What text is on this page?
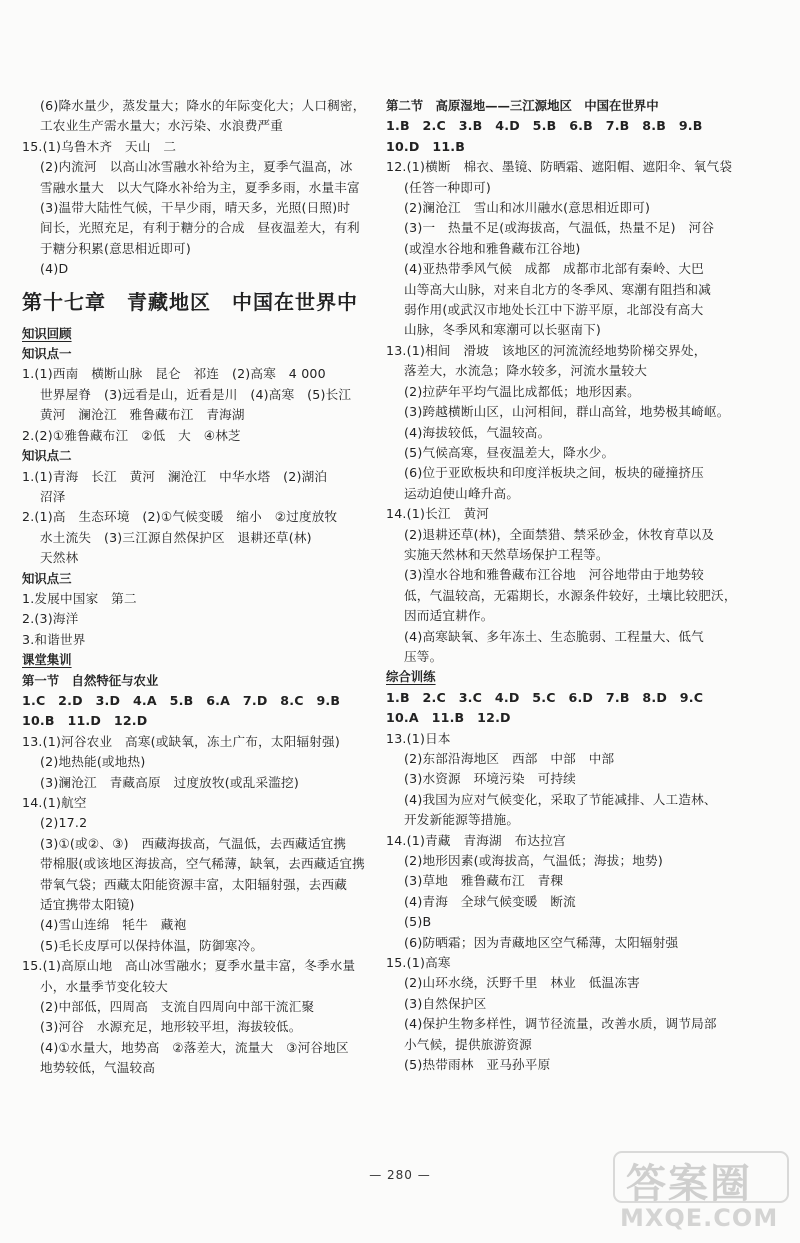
(6)降水量少，蒸发量大；降水的年际变化大；人口稠密，
工农业生产需水量大；水污染、水浪费严重
15.(1)乌鲁木齐　天山　二
(2)内流河　以高山冰雪融水补给为主，夏季气温高，冰
雪融水量大　以大气降水补给为主，夏季多雨，水量丰富
(3)温带大陆性气候，干旱少雨，晴天多，光照(日照)时
间长，光照充足，有利于糖分的合成　昼夜温差大，有利
于糖分积累(意思相近即可)
(4)D
第十七章　青藏地区　中国在世界中
知识回顾
知识点一
1.(1)西南　横断山脉　昆仑　祁连　(2)高寒　4 000
世界屋脊　(3)远看是山，近看是川　(4)高寒　(5)长江
黄河　澜沧江　雅鲁藏布江　青海湖
2.(2)①雅鲁藏布江　②低　大　④林芝
知识点二
1.(1)青海　长江　黄河　澜沧江　中华水塔　(2)湖泊
沼泽
2.(1)高　生态环境　(2)①气候变暖　缩小　②过度放牧
水土流失　(3)三江源自然保护区　退耕还草(林)
天然林
知识点三
1.发展中国家　第二
2.(3)海洋
3.和谐世界
课堂集训
第一节　自然特征与农业
1.C　2.D　3.D　4.A　5.B　6.A　7.D　8.C　9.B
10.B　11.D　12.D
13.(1)河谷农业　高寒(或缺氧，冻土广布，太阳辐射强)
(2)地热能(或地热)
(3)澜沧江　青藏高原　过度放牧(或乱采滥挖)
14.(1)航空
(2)17.2
(3)①(或②、③)　西藏海拔高，气温低，去西藏适宜携
带棉服(或该地区海拔高，空气稀薄，缺氧，去西藏适宜携
带氧气袋；西藏太阳能资源丰富，太阳辐射强，去西藏
适宜携带太阳镜)
(4)雪山连绵　牦牛　藏袍
(5)毛长皮厚可以保持体温，防御寒冷。
15.(1)高原山地　高山冰雪融水；夏季水量丰富，冬季水量
小，水量季节变化较大
(2)中部低，四周高　支流自四周向中部干流汇聚
(3)河谷　水源充足，地形较平坦，海拔较低。
(4)①水量大，地势高　②落差大，流量大　③河谷地区
地势较低，气温较高
第二节　高原湿地——三江源地区　中国在世界中
1.B　2.C　3.B　4.D　5.B　6.B　7.B　8.B　9.B
10.D　11.B
12.(1)横断　棉衣、墨镜、防晒霜、遮阳帽、遮阳伞、氧气袋
(任答一种即可)
(2)澜沧江　雪山和冰川融水(意思相近即可)
(3)一　热量不足(或海拔高，气温低，热量不足)　河谷
(或湟水谷地和雅鲁藏布江谷地)
(4)亚热带季风气候　成都　成都市北部有秦岭、大巴
山等高大山脉，对来自北方的冬季风、寒潮有阻挡和减
弱作用(或武汉市地处长江中下游平原，北部没有高大
山脉，冬季风和寒潮可以长驱南下)
13.(1)相间　滑坡　该地区的河流流经地势阶梯交界处，
落差大，水流急；降水较多，河流水量较大
(2)拉萨年平均气温比成都低；地形因素。
(3)跨越横断山区，山河相间，群山高耸，地势极其崎岖。
(4)海拔较低，气温较高。
(5)气候高寒，昼夜温差大，降水少。
(6)位于亚欧板块和印度洋板块之间，板块的碰撞挤压
运动迫使山峰升高。
14.(1)长江　黄河
(2)退耕还草(林)，全面禁猎、禁采砂金，休牧育草以及
实施天然林和天然草场保护工程等。
(3)湟水谷地和雅鲁藏布江谷地　河谷地带由于地势较
低，气温较高，无霜期长，水源条件较好，土壤比较肥沃，
因而适宜耕作。
(4)高寒缺氧、多年冻土、生态脆弱、工程量大、低气
压等。
综合训练
1.B　2.C　3.C　4.D　5.C　6.D　7.B　8.D　9.C
10.A　11.B　12.D
13.(1)日本
(2)东部沿海地区　西部　中部　中部
(3)水资源　环境污染　可持续
(4)我国为应对气候变化，采取了节能减排、人工造林、
开发新能源等措施。
14.(1)青藏　青海湖　布达拉宫
(2)地形因素(或海拔高，气温低；海拔；地势)
(3)草地　雅鲁藏布江　青稞
(4)青海　全球气候变暖　断流
(5)B
(6)防晒霜；因为青藏地区空气稀薄，太阳辐射强
15.(1)高寒
(2)山环水绕，沃野千里　林业　低温冻害
(3)自然保护区
(4)保护生物多样性，调节径流量，改善水质，调节局部
小气候，提供旅游资源
(5)热带雨林　亚马孙平原
— 280 —	答案圈
MXQE.COM
